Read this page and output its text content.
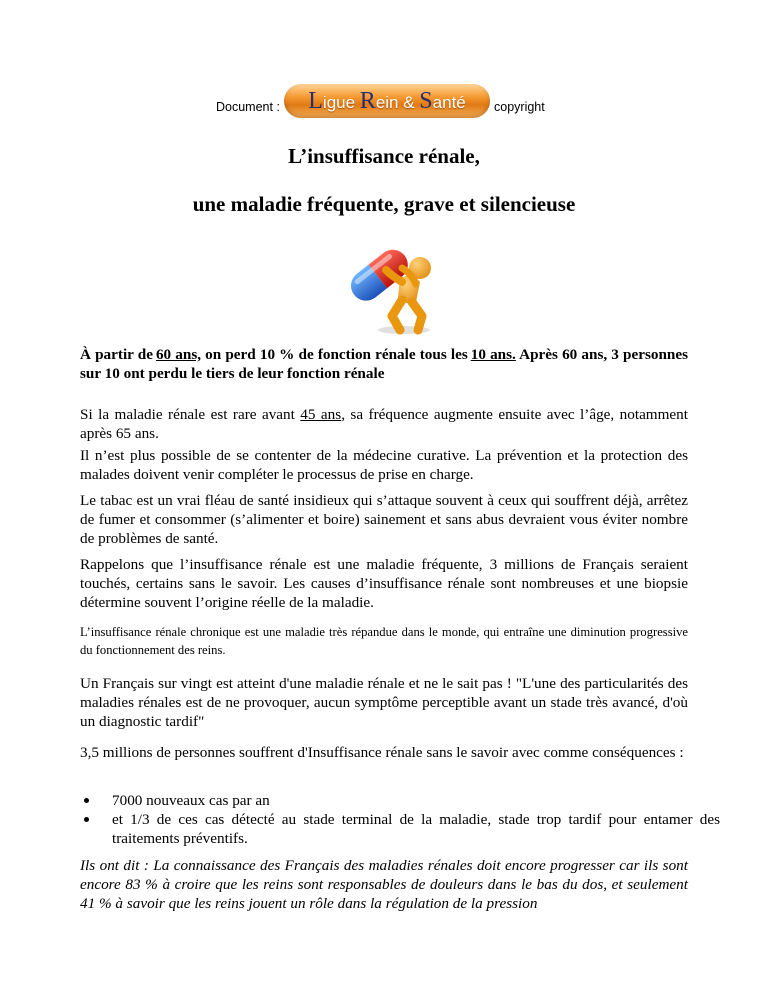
Document :	Ligue Rein & Santé	copyright
L’insuffisance rénale,
une maladie fréquente, grave et silencieuse

À partir de 60 ans, on perd 10 % de fonction rénale tous les 10 ans. Après 60 ans, 3 personnes sur 10 ont perdu le tiers de leur fonction rénale

Si la maladie rénale est rare avant 45 ans, sa fréquence augmente ensuite avec l’âge, notamment après 65 ans.

Il n’est plus possible de se contenter de la médecine curative. La prévention et la protection des malades doivent venir compléter le processus de prise en charge.

Le tabac est un vrai fléau de santé insidieux qui s’attaque souvent à ceux qui souffrent déjà, arrêtez de fumer et consommer (s’alimenter et boire) sainement et sans abus devraient vous éviter nombre de problèmes de santé.

Rappelons que l’insuffisance rénale est une maladie fréquente, 3 millions de Français seraient touchés, certains sans le savoir. Les causes d’insuffisance rénale sont nombreuses et une biopsie détermine souvent l’origine réelle de la maladie.

L’insuffisance rénale chronique est une maladie très répandue dans le monde, qui entraîne une diminution progressive du fonctionnement des reins.

Un Français sur vingt est atteint d'une maladie rénale et ne le sait pas ! "L'une des particularités des maladies rénales est de ne provoquer, aucun symptôme perceptible avant un stade très avancé, d'où un diagnostic tardif"

3,5 millions de personnes souffrent d'Insuffisance rénale sans le savoir avec comme conséquences :

7000 nouveaux cas par an
et 1/3 de ces cas détecté au stade terminal de la maladie, stade trop tardif pour entamer des traitements préventifs.

Ils ont dit : La connaissance des Français des maladies rénales doit encore progresser car ils sont encore 83 % à croire que les reins sont responsables de douleurs dans le bas du dos, et seulement 41 % à savoir que les reins jouent un rôle dans la régulation de la pression
